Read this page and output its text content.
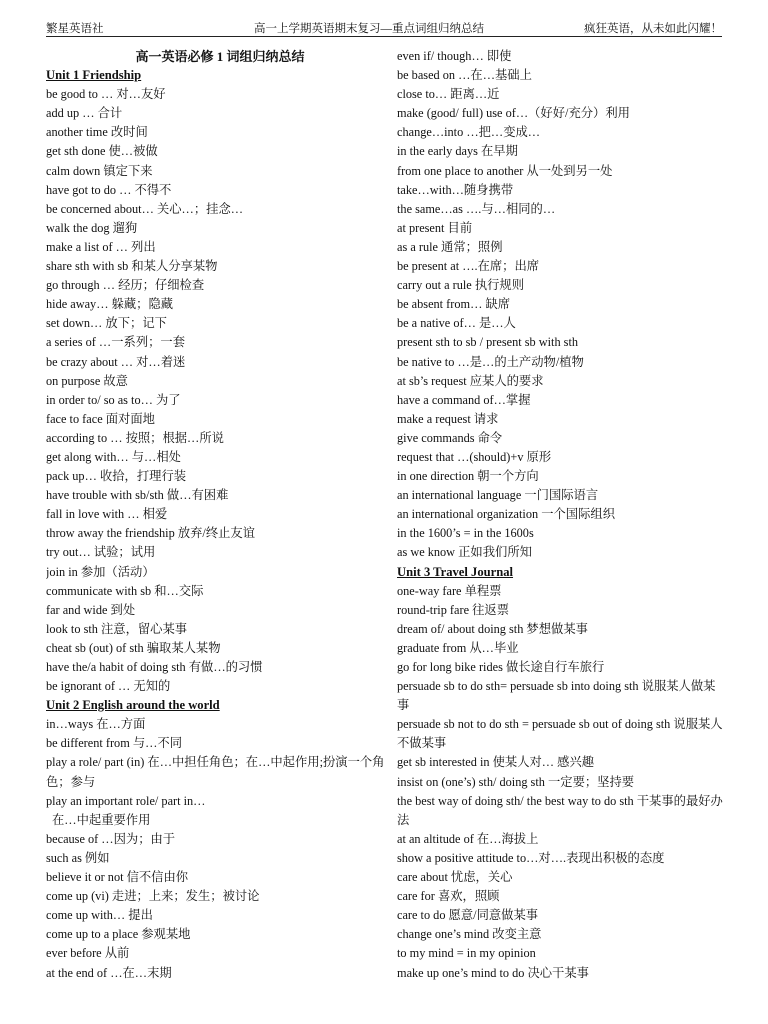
繁星英语社	高一上学期英语期末复习—重点词组归纳总结	疯狂英语，从未如此闪耀！
高一英语必修 1 词组归纳总结
Unit 1 Friendship
be good to … 对…友好
add up … 合计
another time 改时间
get sth done 使…被做
calm down 镇定下来
have got to do … 不得不
be concerned about… 关心…；挂念…
walk the dog 遛狗
make a list of … 列出
share sth with sb 和某人分享某物
go through … 经历；仔细检查
hide away… 躲藏；隐藏
set down… 放下；记下
a series of …一系列；一套
be crazy about … 对…着迷
on purpose 故意
in order to/ so as to… 为了
face to face 面对面地
according to … 按照；根据…所说
get along with… 与…相处
pack up… 收拾，打理行装
have trouble with sb/sth 做…有困难
fall in love with … 相爱
throw away the friendship 放弃/终止友谊
try out… 试验；试用
join in 参加（活动）
communicate with sb 和…交际
far and wide 到处
look to sth 注意，留心某事
cheat sb (out) of sth 骗取某人某物
have the/a habit of doing sth 有做…的习惯
be ignorant of … 无知的
Unit 2 English around the world
in…ways 在…方面
be different from 与…不同
play a role/ part (in) 在…中担任角色；在…中起作用;扮演一个角色；参与
play an important role/ part in…
在…中起重要作用
because of …因为；由于
such as 例如
believe it or not 信不信由你
come up (vi) 走进；上来；发生；被讨论
come up with… 提出
come up to a place 参观某地
ever before 从前
at the end of …在…末期
even if/ though… 即使
be based on …在…基础上
close to… 距离…近
make (good/ full) use of…（好好/充分）利用
change…into …把…变成…
in the early days 在早期
from one place to another 从一处到另一处
take…with…随身携带
the same…as ….与…相同的…
at present 目前
as a rule 通常；照例
be present at ….在席；出席
carry out a rule 执行规则
be absent from… 缺席
be a native of… 是…人
present sth to sb / present sb with sth
be native to …是…的土产动物/植物
at sb’s request 应某人的要求
have a command of…掌握
make a request 请求
give commands 命令
request that …(should)+v 原形
in one direction 朝一个方向
an international language 一门国际语言
an international organization 一个国际组织
in the 1600’s = in the 1600s
as we know 正如我们所知
Unit 3 Travel Journal
one-way fare 单程票
round-trip fare 往返票
dream of/ about doing sth 梦想做某事
graduate from 从…毕业
go for long bike rides 做长途自行车旅行
persuade sb to do sth= persuade sb into doing sth 说服某人做某事
persuade sb not to do sth = persuade sb out of doing sth 说服某人不做某事
get sb interested in 使某人对… 感兴趣
insist on (one’s) sth/ doing sth 一定要；坚持要
the best way of doing sth/ the best way to do sth 干某事的最好办法
at an altitude of 在…海拔上
show a positive attitude to…对….表现出积极的态度
care about 忧虑，关心
care for 喜欢，照顾
care to do 愿意/同意做某事
change one’s mind 改变主意
to my mind = in my opinion
make up one’s mind to do 决心干某事
